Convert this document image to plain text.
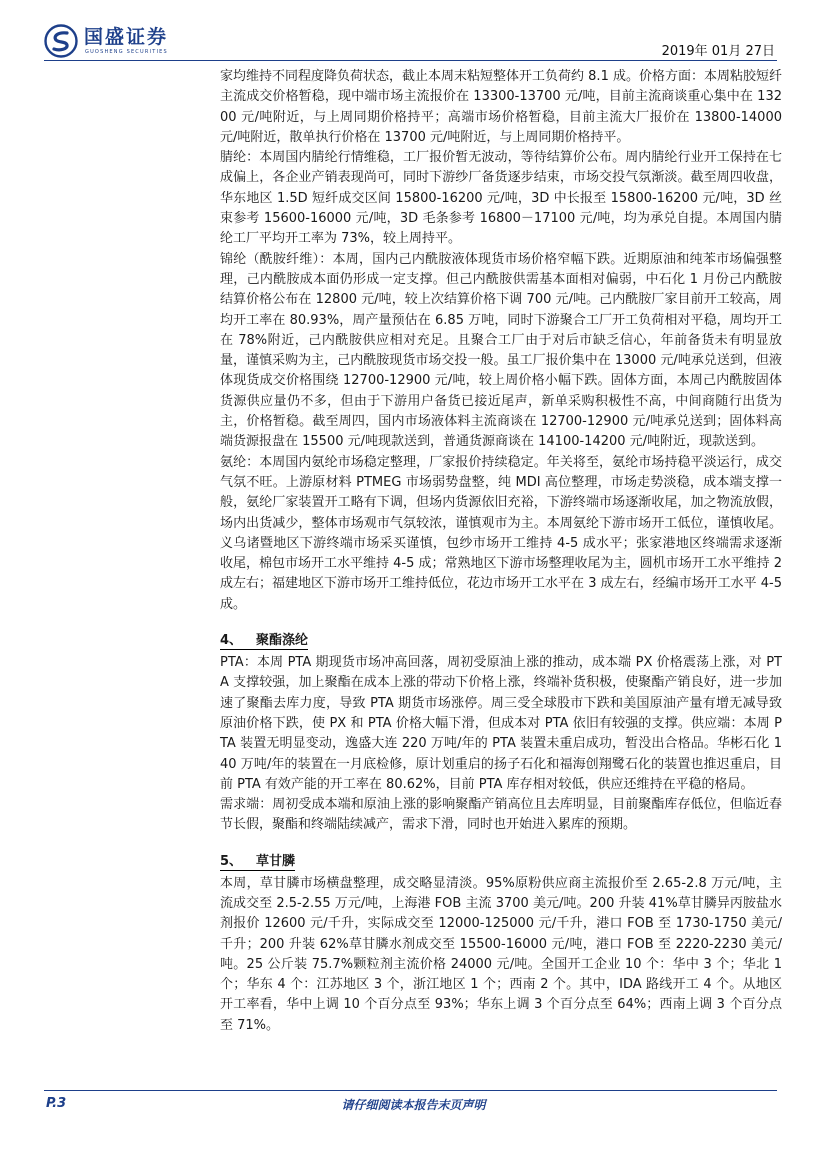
国盛证券
GUOSHENG SECURITIES	2019年 01月 27日

家均维持不同程度降负荷状态，截止本周末粘短整体开工负荷约 8.1 成。价格方面：本周粘胶短纤主流成交价格暂稳，现中端市场主流报价在 13300-13700 元/吨，目前主流商谈重心集中在 13200 元/吨附近，与上周同期价格持平；高端市场价格暂稳，目前主流大厂报价在 13800-14000 元/吨附近，散单执行价格在 13700 元/吨附近，与上周同期价格持平。

腈纶：本周国内腈纶行情维稳，工厂报价暂无波动，等待结算价公布。周内腈纶行业开工保持在七成偏上，各企业产销表现尚可，同时下游纱厂备货逐步结束，市场交投气氛渐淡。截至周四收盘，华东地区 1.5D 短纤成交区间 15800-16200 元/吨，3D 中长报至 15800-16200 元/吨，3D 丝束参考 15600-16000 元/吨，3D 毛条参考 16800－17100 元/吨，均为承兑自提。本周国内腈纶工厂平均开工率为 73%，较上周持平。

锦纶（酰胺纤维）：本周，国内己内酰胺液体现货市场价格窄幅下跌。近期原油和纯苯市场偏强整理，己内酰胺成本面仍形成一定支撑。但己内酰胺供需基本面相对偏弱，中石化 1 月份己内酰胺结算价格公布在 12800 元/吨，较上次结算价格下调 700 元/吨。己内酰胺厂家目前开工较高，周均开工率在 80.93%，周产量预估在 6.85 万吨，同时下游聚合工厂开工负荷相对平稳，周均开工在 78%附近，己内酰胺供应相对充足。且聚合工厂由于对后市缺乏信心，年前备货未有明显放量，谨慎采购为主，己内酰胺现货市场交投一般。虽工厂报价集中在 13000 元/吨承兑送到，但液体现货成交价格围绕 12700-12900 元/吨，较上周价格小幅下跌。固体方面，本周己内酰胺固体货源供应量仍不多，但由于下游用户备货已接近尾声，新单采购积极性不高，中间商随行出货为主，价格暂稳。截至周四，国内市场液体料主流商谈在 12700-12900 元/吨承兑送到；固体料高端货源报盘在 15500 元/吨现款送到，普通货源商谈在 14100-14200 元/吨附近，现款送到。

氨纶：本周国内氨纶市场稳定整理，厂家报价持续稳定。年关将至，氨纶市场持稳平淡运行，成交气氛不旺。上游原材料 PTMEG 市场弱势盘整，纯 MDI 高位整理，市场走势淡稳，成本端支撑一般，氨纶厂家装置开工略有下调，但场内货源依旧充裕，下游终端市场逐渐收尾，加之物流放假，场内出货减少，整体市场观市气氛较浓，谨慎观市为主。本周氨纶下游市场开工低位，谨慎收尾。义乌诸暨地区下游终端市场采买谨慎，包纱市场开工维持 4-5 成水平；张家港地区终端需求逐渐收尾，棉包市场开工水平维持 4-5 成；常熟地区下游市场整理收尾为主，圆机市场开工水平维持 2 成左右；福建地区下游市场开工维持低位，花边市场开工水平在 3 成左右，经编市场开工水平 4-5 成。

4、 聚酯涤纶

PTA：本周 PTA 期现货市场冲高回落，周初受原油上涨的推动，成本端 PX 价格震荡上涨，对 PTA 支撑较强，加上聚酯在成本上涨的带动下价格上涨，终端补货积极，使聚酯产销良好，进一步加速了聚酯去库力度，导致 PTA 期货市场涨停。周三受全球股市下跌和美国原油产量有增无减导致原油价格下跌，使 PX 和 PTA 价格大幅下滑，但成本对 PTA 依旧有较强的支撑。供应端：本周 PTA 装置无明显变动，逸盛大连 220 万吨/年的 PTA 装置未重启成功，暂没出合格品。华彬石化 140 万吨/年的装置在一月底检修，原计划重启的扬子石化和福海创翔鹭石化的装置也推迟重启，目前 PTA 有效产能的开工率在 80.62%，目前 PTA 库存相对较低，供应还维持在平稳的格局。

需求端：周初受成本端和原油上涨的影响聚酯产销高位且去库明显，目前聚酯库存低位，但临近春节长假，聚酯和终端陆续减产，需求下滑，同时也开始进入累库的预期。

5、 草甘膦

本周，草甘膦市场横盘整理，成交略显清淡。95%原粉供应商主流报价至 2.65-2.8 万元/吨，主流成交至 2.5-2.55 万元/吨，上海港 FOB 主流 3700 美元/吨。200 升装 41%草甘膦异丙胺盐水剂报价 12600 元/千升，实际成交至 12000-125000 元/千升，港口 FOB 至 1730-1750 美元/千升；200 升装 62%草甘膦水剂成交至 15500-16000 元/吨，港口 FOB 至 2220-2230 美元/吨。25 公斤装 75.7%颗粒剂主流价格 24000 元/吨。全国开工企业 10 个：华中 3 个；华北 1 个；华东 4 个：江苏地区 3 个，浙江地区 1 个；西南 2 个。其中，IDA 路线开工 4 个。从地区开工率看，华中上调 10 个百分点至 93%；华东上调 3 个百分点至 64%；西南上调 3 个百分点至 71%。

P.3	请仔细阅读本报告末页声明
